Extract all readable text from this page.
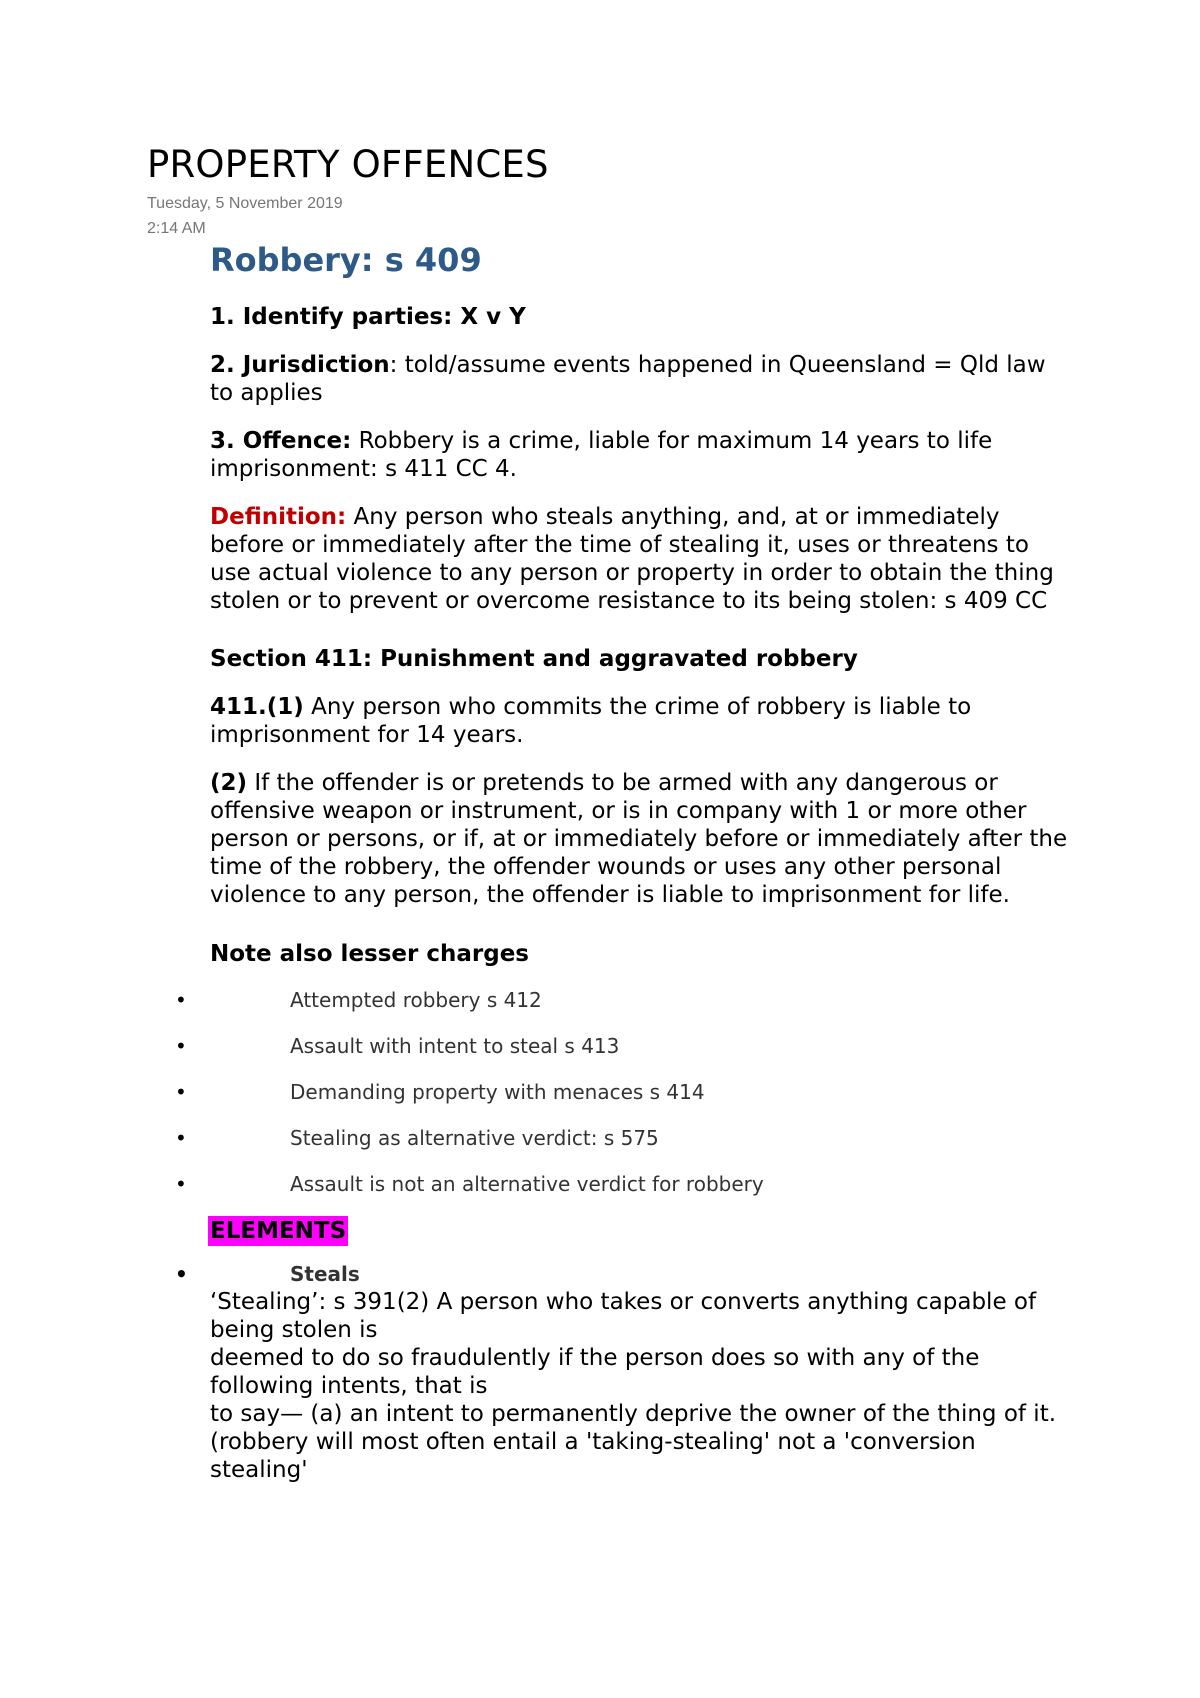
PROPERTY OFFENCES

Tuesday, 5 November 2019

2:14 AM

Robbery: s 409

1. Identify parties: X v Y

2. Jurisdiction: told/assume events happened in Queensland = Qld law to applies

3. Offence: Robbery is a crime, liable for maximum 14 years to life imprisonment: s 411 CC 4.

Definition: Any person who steals anything, and, at or immediately before or immediately after the time of stealing it, uses or threatens to use actual violence to any person or property in order to obtain the thing stolen or to prevent or overcome resistance to its being stolen: s 409 CC

Section 411: Punishment and aggravated robbery

411.(1) Any person who commits the crime of robbery is liable to imprisonment for 14 years.

(2) If the offender is or pretends to be armed with any dangerous or offensive weapon or instrument, or is in company with 1 or more other person or persons, or if, at or immediately before or immediately after the time of the robbery, the offender wounds or uses any other personal violence to any person, the offender is liable to imprisonment for life.

Note also lesser charges

•	Attempted robbery s 412
•	Assault with intent to steal s 413
•	Demanding property with menaces s 414
•	Stealing as alternative verdict: s 575
•	Assault is not an alternative verdict for robbery
ELEMENTS

•	Steals

‘Stealing’: s 391(2) A person who takes or converts anything capable of being stolen is

deemed to do so fraudulently if the person does so with any of the following intents, that is

to say— (a) an intent to permanently deprive the owner of the thing of it. (robbery will most often entail a 'taking-stealing' not a 'conversion stealing'
